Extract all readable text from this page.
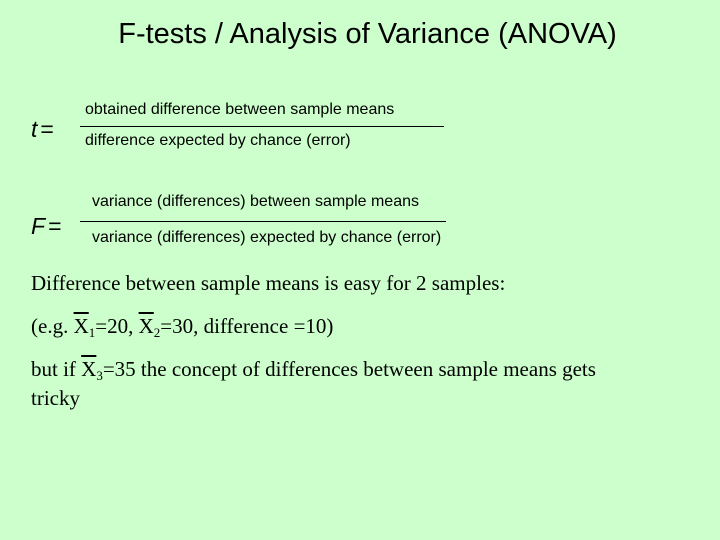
F-tests / Analysis of Variance (ANOVA)
t =
obtained difference between sample means
difference expected by chance (error)
F =
variance (differences) between sample means
variance (differences) expected by chance (error)
Difference between sample means is easy for 2 samples:
(e.g. $\overline{X}_1=20$, $\overline{X}_2=30$, difference =10)
but if $\overline{X}_3=35$ the concept of differences between sample means gets
tricky
